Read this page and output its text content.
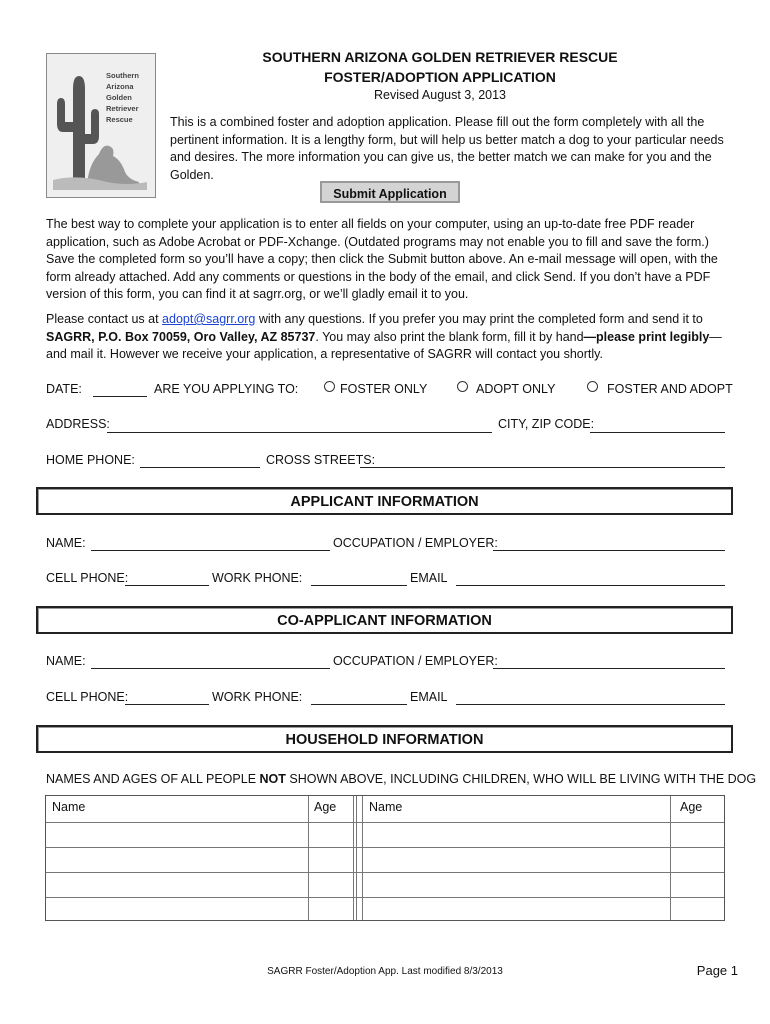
Southern
Arizona
Golden
Retriever
Rescue
SOUTHERN ARIZONA GOLDEN RETRIEVER RESCUE
FOSTER/ADOPTION APPLICATION
Revised August 3, 2013
This is a combined foster and adoption application. Please fill out the form completely with all the pertinent information. It is a lengthy form, but will help us better match a dog to your particular needs and desires. The more information you can give us, the better match we can make for you and the Golden.
Submit Application
The best way to complete your application is to enter all fields on your computer, using an up-to-date free PDF reader application, such as Adobe Acrobat or PDF-Xchange. (Outdated programs may not enable you to fill and save the form.) Save the completed form so you’ll have a copy; then click the Submit button above. An e-mail message will open, with the form already attached. Add any comments or questions in the body of the email, and click Send. If you don’t have a PDF version of this form, you can find it at sagrr.org, or we’ll gladly email it to you.
Please contact us at adopt@sagrr.org with any questions. If you prefer you may print the completed form and send it to SAGRR, P.O. Box 70059, Oro Valley, AZ 85737. You may also print the blank form, fill it by hand—please print legibly—and mail it. However we receive your application, a representative of SAGRR will contact you shortly.
DATE:	ARE YOU APPLYING TO:	FOSTER ONLY	ADOPT ONLY	FOSTER AND ADOPT
ADDRESS:	CITY, ZIP CODE:
HOME PHONE:	CROSS STREETS:
APPLICANT INFORMATION
NAME:	OCCUPATION / EMPLOYER:
CELL PHONE:	WORK PHONE:	EMAIL
CO-APPLICANT INFORMATION
NAME:	OCCUPATION / EMPLOYER:
CELL PHONE:	WORK PHONE:	EMAIL
HOUSEHOLD INFORMATION
NAMES AND AGES OF ALL PEOPLE NOT SHOWN ABOVE, INCLUDING CHILDREN, WHO WILL BE LIVING WITH THE DOG
Name	Age	Name	Age
SAGRR Foster/Adoption App. Last modified 8/3/2013	Page 1
